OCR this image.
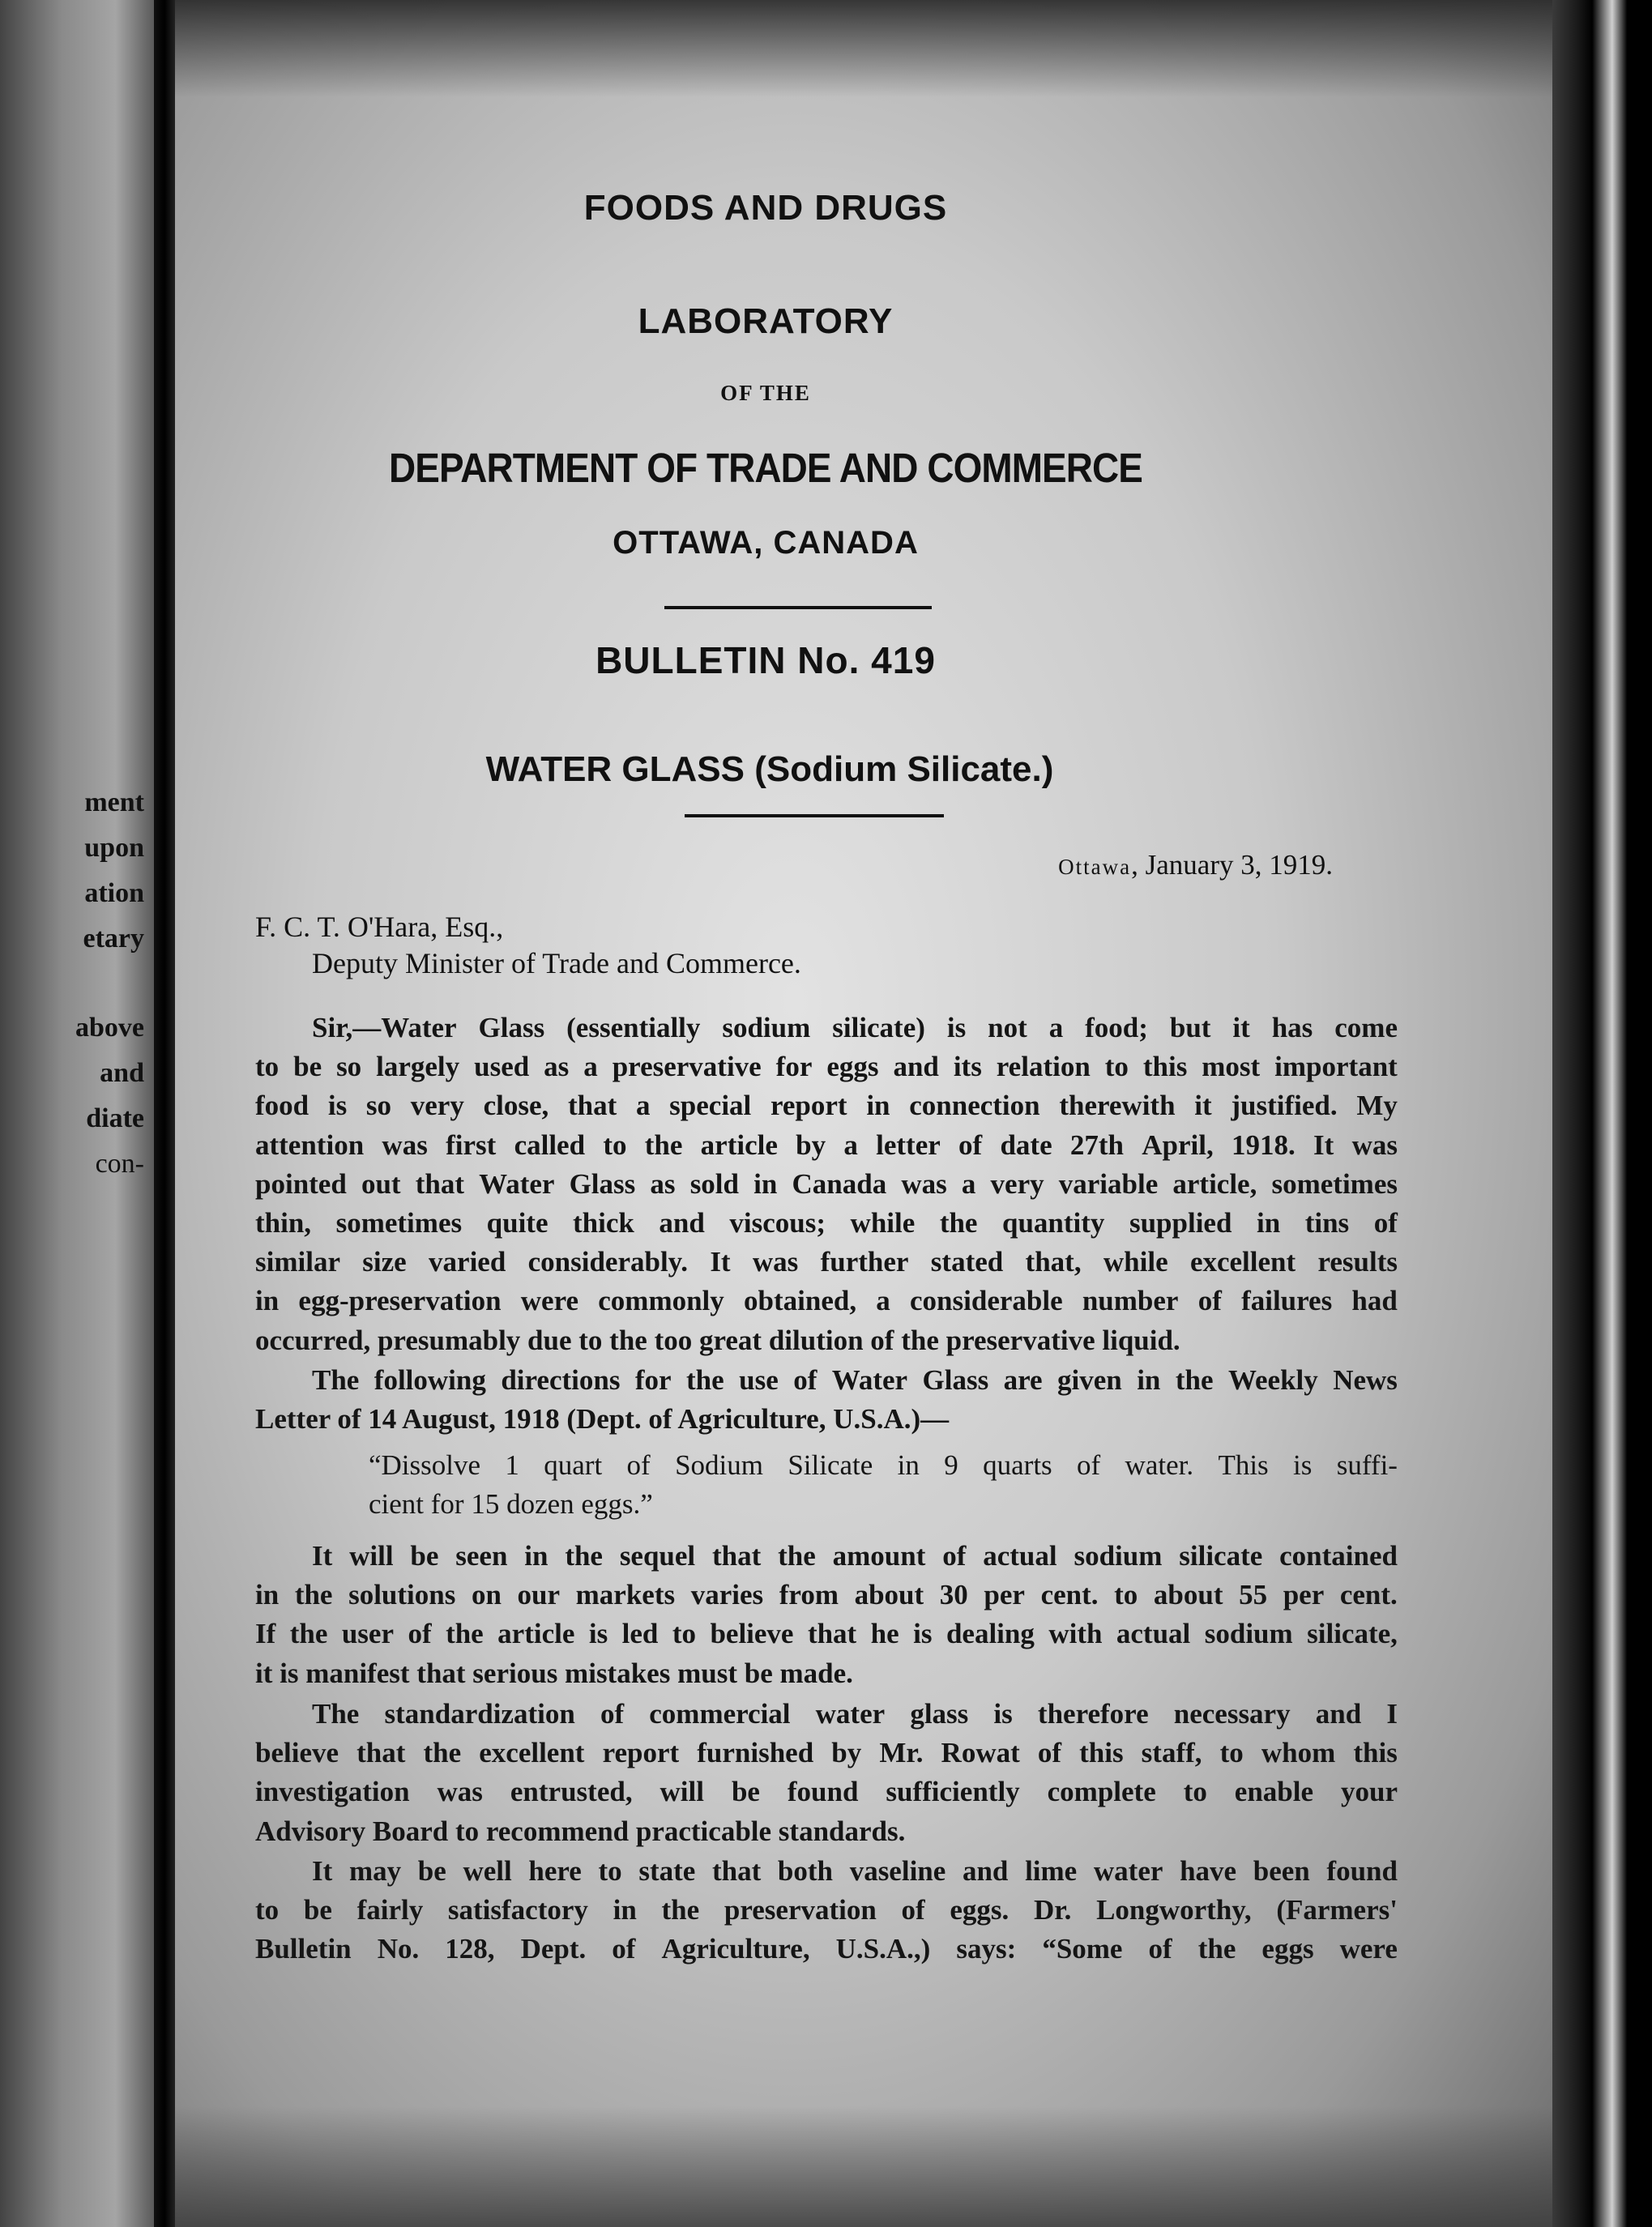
ment
upon
ation
etary
above
and
diate
con-
FOODS AND DRUGS
LABORATORY
OF THE
DEPARTMENT OF TRADE AND COMMERCE
OTTAWA, CANADA
BULLETIN No. 419
WATER GLASS (Sodium Silicate.)
Ottawa, January 3, 1919.
F. C. T. O'Hara, Esq.,
Deputy Minister of Trade and Commerce.
Sir,—Water Glass (essentially sodium silicate) is not a food; but it has come
to be so largely used as a preservative for eggs and its relation to this most important
food is so very close, that a special report in connection therewith it justified. My
attention was first called to the article by a letter of date 27th April, 1918. It was
pointed out that Water Glass as sold in Canada was a very variable article, sometimes
thin, sometimes quite thick and viscous; while the quantity supplied in tins of
similar size varied considerably. It was further stated that, while excellent results
in egg-preservation were commonly obtained, a considerable number of failures had
occurred, presumably due to the too great dilution of the preservative liquid.
The following directions for the use of Water Glass are given in the Weekly News
Letter of 14 August, 1918 (Dept. of Agriculture, U.S.A.)—
“Dissolve 1 quart of Sodium Silicate in 9 quarts of water. This is suffi-
cient for 15 dozen eggs.”
It will be seen in the sequel that the amount of actual sodium silicate contained
in the solutions on our markets varies from about 30 per cent. to about 55 per cent.
If the user of the article is led to believe that he is dealing with actual sodium silicate,
it is manifest that serious mistakes must be made.
The standardization of commercial water glass is therefore necessary and I
believe that the excellent report furnished by Mr. Rowat of this staff, to whom this
investigation was entrusted, will be found sufficiently complete to enable your
Advisory Board to recommend practicable standards.
It may be well here to state that both vaseline and lime water have been found
to be fairly satisfactory in the preservation of eggs. Dr. Longworthy, (Farmers'
Bulletin No. 128, Dept. of Agriculture, U.S.A.,) says: “Some of the eggs were
